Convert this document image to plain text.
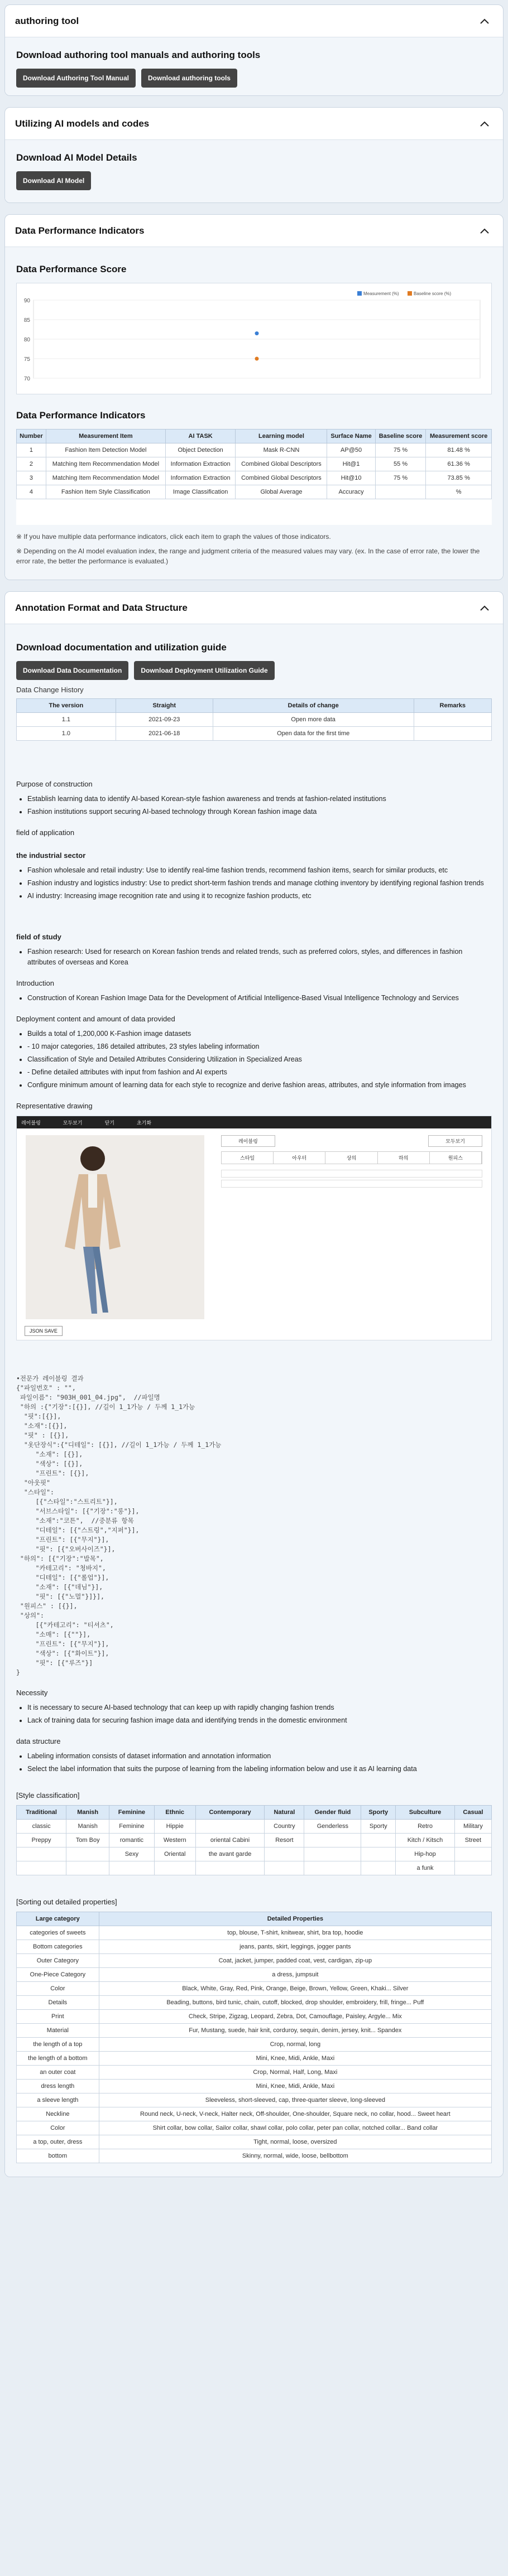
authoring tool
Download authoring tool manuals and authoring tools
Download Authoring Tool Manual	Download authoring tools
Utilizing AI models and codes
Download AI Model Details
Download AI Model
Data Performance Indicators
Data Performance Score
90
85
80
75
70
Measurement (%)	Baseline score (%)
Data Performance Indicators
Number	Measurement Item	AI TASK	Learning model	Surface Name	Baseline score	Measurement score
1	Fashion Item Detection Model	Object Detection	Mask R-CNN	AP@50	75 %	81.48 %
2	Matching Item Recommendation Model	Information Extraction	Combined Global Descriptors	Hit@1	55 %	61.36 %
3	Matching Item Recommendation Model	Information Extraction	Combined Global Descriptors	Hit@10	75 %	73.85 %
4	Fashion Item Style Classification	Image Classification	Global Average	Accuracy		%
※ If you have multiple data performance indicators, click each item to graph the values of those indicators.
※ Depending on the AI model evaluation index, the range and judgment criteria of the measured values may vary. (ex. In the case of error rate, the lower the error rate, the better the performance is evaluated.)
Annotation Format and Data Structure
Download documentation and utilization guide
Download Data Documentation	Download Deployment Utilization Guide
Data Change History
The version	Straight	Details of change	Remarks
1.1	2021-09-23	Open more data	
1.0	2021-06-18	Open data for the first time	
Purpose of construction
• Establish learning data to identify AI-based Korean-style fashion awareness and trends at fashion-related institutions
• Fashion institutions support securing AI-based technology through Korean fashion image data
field of application
the industrial sector
• Fashion wholesale and retail industry: Use to identify real-time fashion trends, recommend fashion items, search for similar products, etc
• Fashion industry and logistics industry: Use to predict short-term fashion trends and manage clothing inventory by identifying regional fashion trends
• AI industry: Increasing image recognition rate and using it to recognize fashion products, etc
field of study
• Fashion research: Used for research on Korean fashion trends and related trends, such as preferred colors, styles, and differences in fashion attributes of overseas and Korea
Introduction
• Construction of Korean Fashion Image Data for the Development of Artificial Intelligence-Based Visual Intelligence Technology and Services
Deployment content and amount of data provided
• Builds a total of 1,200,000 K-Fashion image datasets
• - 10 major categories, 186 detailed attributes, 23 styles labeling information
• Classification of Style and Detailed Attributes Considering Utilization in Specialized Areas
• - Define detailed attributes with input from fashion and AI experts
• Configure minimum amount of learning data for each style to recognize and derive fashion areas, attributes, and style information from images
Representative drawing
레이블링	모두보기	닫기	초기화
레이블링	모두보기
스타일	아우터	상의	하의	원피스
JSON SAVE
•전문가 레이블링 결과
{"파일번호" : "",
파일이름": "903H_001_04.jpg",  //파일명
"하의 :{"기장":[{}], //길이 1_1가능 / 두께 1_1가능
"핏":[{}],
"소재":[{}],
"핏" : [{}],
"옷단장식":{"디테일": [{}], //길이 1_1가능 / 두께 1_1가능
"소재": [{}],
"색상": [{}],
"프린트": [{}],
"아웃핏"
"스타일":
[{"스타일":"스트리트"}],
"서브스타일": [{"기장":"롱"}],
"소재":"코튼",  //중분류 항목
"디테일": [{"스트링","지퍼"}],
"프린트": [{"무지"}],
"핏": [{"오버사이즈"}],
"하의": [{"기장":"발목",
"카테고리": "청바지",
"디테일": [{"롤업"}],
"소재": [{"데님"}],
"핏": [{"노멀"}]}],
"원피스" : [{}],
"상의":
[{"카테고리": "티셔츠",
"소매": [{""}],
"프린트": [{"무지"}],
"색상": [{"화이트"}],
"핏": [{"루즈"}]
}
Necessity
• It is necessary to secure AI-based technology that can keep up with rapidly changing fashion trends
• Lack of training data for securing fashion image data and identifying trends in the domestic environment
data structure
• Labeling information consists of dataset information and annotation information
• Select the label information that suits the purpose of learning from the labeling information below and use it as AI learning data
[Style classification]
Traditional	Manish	Feminine	Ethnic	Contemporary	Natural	Gender fluid	Sporty	Subculture	Casual
classic	Manish	Feminine	Hippie		Country	Genderless	Sporty	Retro	Military
Preppy	Tom Boy	romantic	Western	oriental Cabini	Resort			Kitch / Kitsch	Street
		Sexy	Oriental	the avant garde				Hip-hop	
								a funk	
[Sorting out detailed properties]
Large category	Detailed Properties
categories of sweets	top, blouse, T-shirt, knitwear, shirt, bra top, hoodie
Bottom categories	jeans, pants, skirt, leggings, jogger pants
Outer Category	Coat, jacket, jumper, padded coat, vest, cardigan, zip-up
One-Piece Category	a dress, jumpsuit
Color	Black, White, Gray, Red, Pink, Orange, Beige, Brown, Yellow, Green, Khaki... Silver
Details	Beading, buttons, bird tunic, chain, cutoff, blocked, drop shoulder, embroidery, frill, fringe... Puff
Print	Check, Stripe, Zigzag, Leopard, Zebra, Dot, Camouflage, Paisley, Argyle... Mix
Material	Fur, Mustang, suede, hair knit, corduroy, sequin, denim, jersey, knit... Spandex
the length of a top	Crop, normal, long
the length of a bottom	Mini, Knee, Midi, Ankle, Maxi
an outer coat	Crop, Normal, Half, Long, Maxi
dress length	Mini, Knee, Midi, Ankle, Maxi
a sleeve length	Sleeveless, short-sleeved, cap, three-quarter sleeve, long-sleeved
Neckline	Round neck, U-neck, V-neck, Halter neck, Off-shoulder, One-shoulder, Square neck, no collar, hood... Sweet heart
Color	Shirt collar, bow collar, Sailor collar, shawl collar, polo collar, peter pan collar, notched collar... Band collar
a top, outer, dress	Tight, normal, loose, oversized
bottom	Skinny, normal, wide, loose, bellbottom
